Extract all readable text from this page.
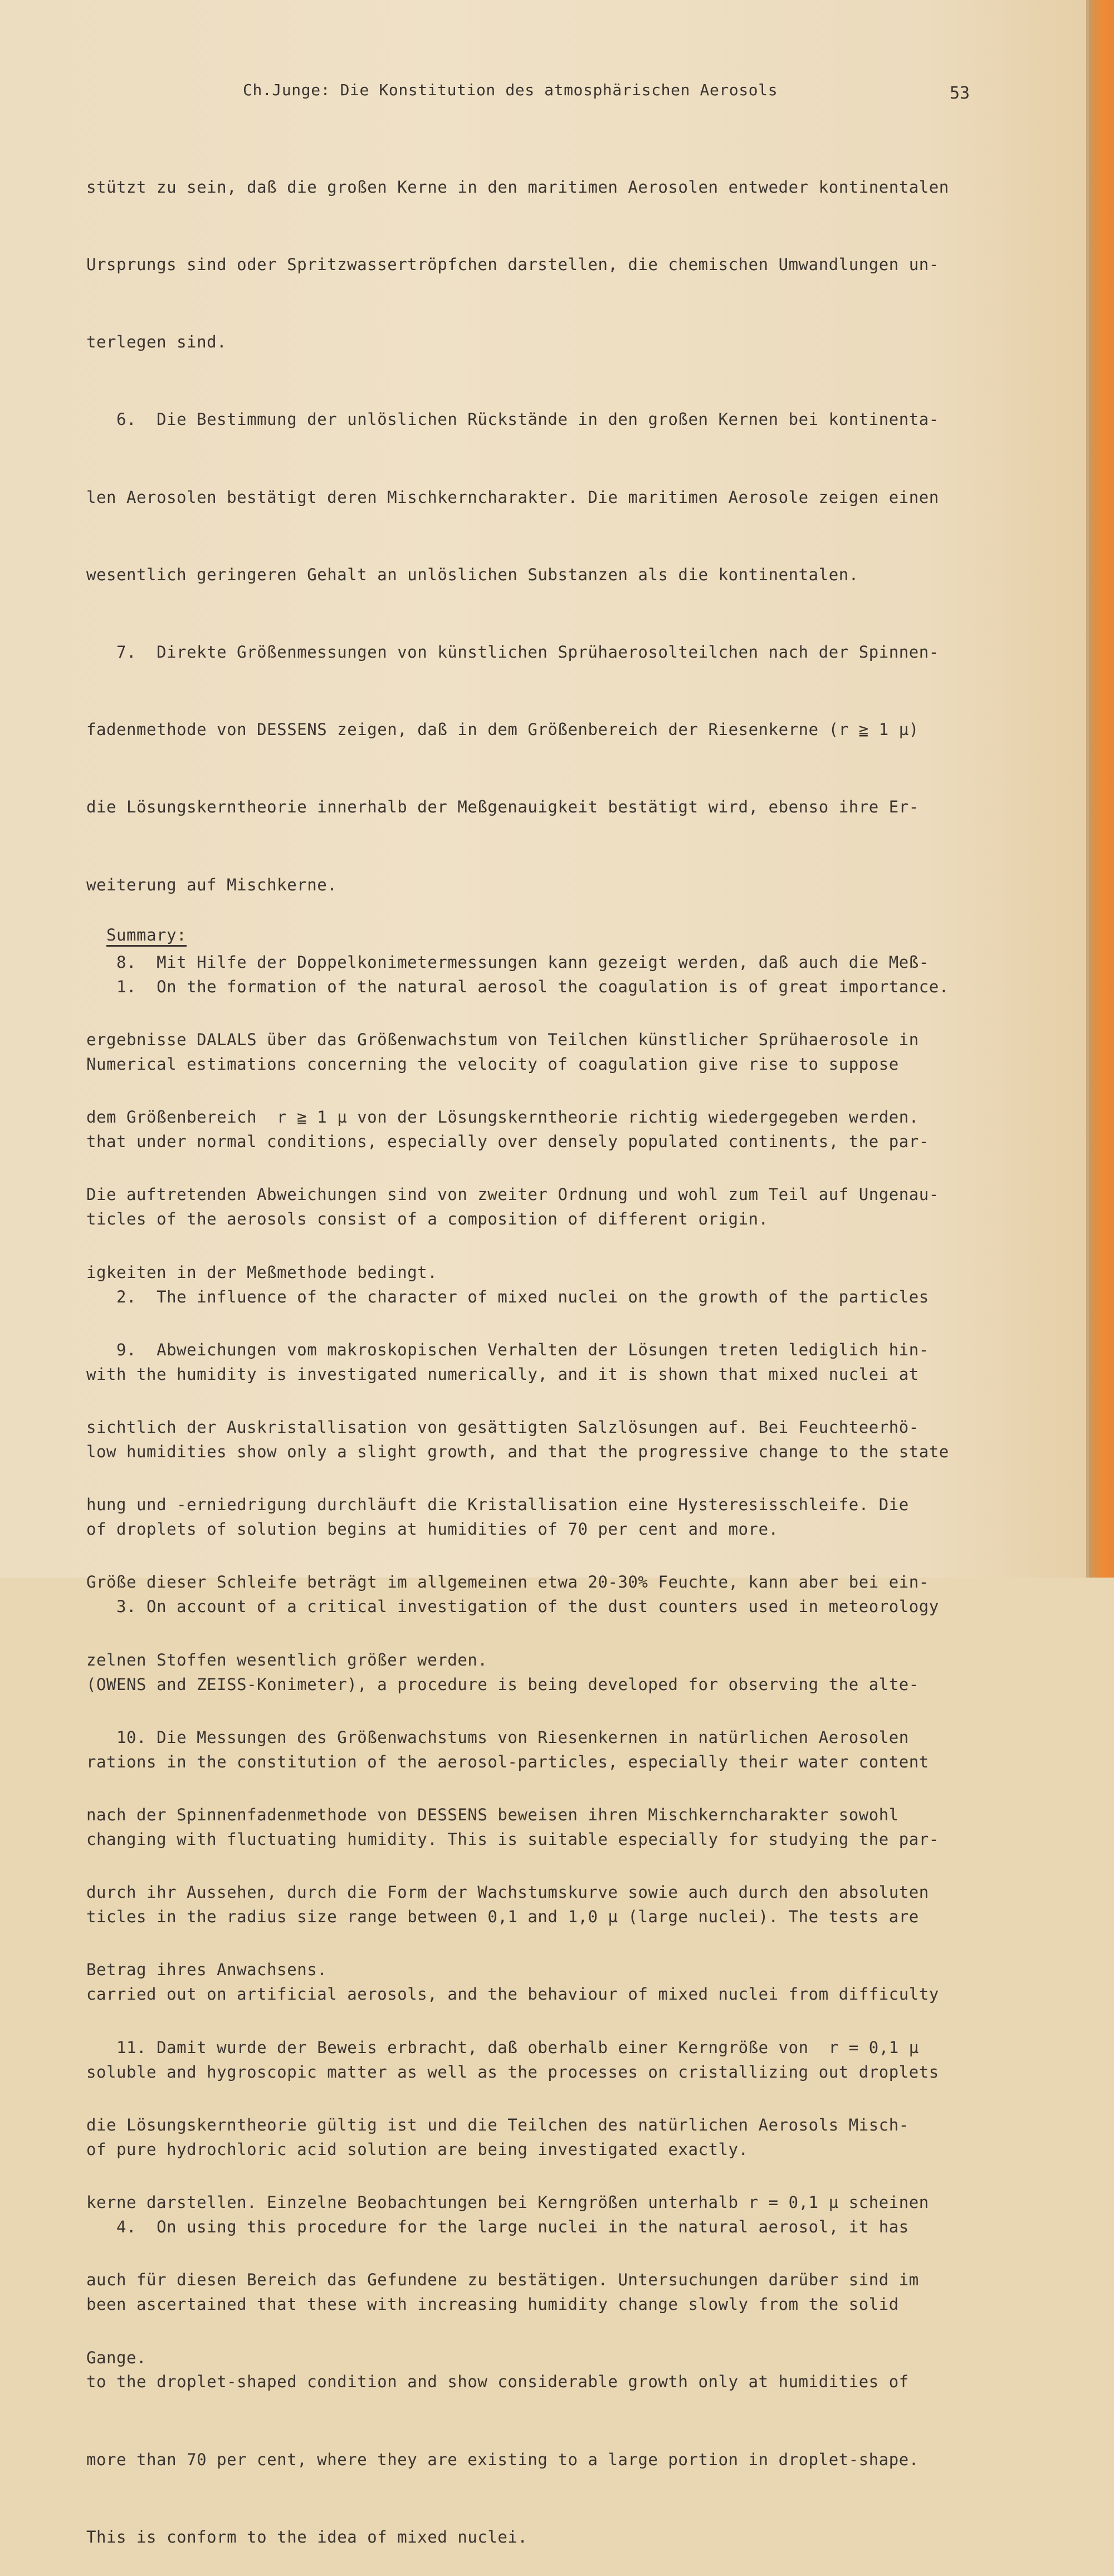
Ch.Junge: Die Konstitution des atmosphärischen Aerosols	53

stützt zu sein, daß die großen Kerne in den maritimen Aerosolen entweder kontinentalen

Ursprungs sind oder Spritzwassertröpfchen darstellen, die chemischen Umwandlungen un-

terlegen sind.

6.  Die Bestimmung der unlöslichen Rückstände in den großen Kernen bei kontinenta-

len Aerosolen bestätigt deren Mischkerncharakter. Die maritimen Aerosole zeigen einen

wesentlich geringeren Gehalt an unlöslichen Substanzen als die kontinentalen.

7.  Direkte Größenmessungen von künstlichen Sprühaerosolteilchen nach der Spinnen-

fadenmethode von DESSENS zeigen, daß in dem Größenbereich der Riesenkerne (r ≧ 1 µ)

die Lösungskerntheorie innerhalb der Meßgenauigkeit bestätigt wird, ebenso ihre Er-

weiterung auf Mischkerne.

8.  Mit Hilfe der Doppelkonimetermessungen kann gezeigt werden, daß auch die Meß-

ergebnisse DALALS über das Größenwachstum von Teilchen künstlicher Sprühaerosole in

dem Größenbereich  r ≧ 1 µ von der Lösungskerntheorie richtig wiedergegeben werden.

Die auftretenden Abweichungen sind von zweiter Ordnung und wohl zum Teil auf Ungenau-

igkeiten in der Meßmethode bedingt.

9.  Abweichungen vom makroskopischen Verhalten der Lösungen treten lediglich hin-

sichtlich der Auskristallisation von gesättigten Salzlösungen auf. Bei Feuchteerhö-

hung und -erniedrigung durchläuft die Kristallisation eine Hysteresisschleife. Die

Größe dieser Schleife beträgt im allgemeinen etwa 20-30% Feuchte, kann aber bei ein-

zelnen Stoffen wesentlich größer werden.

10. Die Messungen des Größenwachstums von Riesenkernen in natürlichen Aerosolen

nach der Spinnenfadenmethode von DESSENS beweisen ihren Mischkerncharakter sowohl

durch ihr Aussehen, durch die Form der Wachstumskurve sowie auch durch den absoluten

Betrag ihres Anwachsens.

11. Damit wurde der Beweis erbracht, daß oberhalb einer Kerngröße von  r = 0,1 µ

die Lösungskerntheorie gültig ist und die Teilchen des natürlichen Aerosols Misch-

kerne darstellen. Einzelne Beobachtungen bei Kerngrößen unterhalb r = 0,1 µ scheinen

auch für diesen Bereich das Gefundene zu bestätigen. Untersuchungen darüber sind im

Gange.

Summary:

1.  On the formation of the natural aerosol the coagulation is of great importance.

Numerical estimations concerning the velocity of coagulation give rise to suppose

that under normal conditions, especially over densely populated continents, the par-

ticles of the aerosols consist of a composition of different origin.

2.  The influence of the character of mixed nuclei on the growth of the particles

with the humidity is investigated numerically, and it is shown that mixed nuclei at

low humidities show only a slight growth, and that the progressive change to the state

of droplets of solution begins at humidities of 70 per cent and more.

3. On account of a critical investigation of the dust counters used in meteorology

(OWENS and ZEISS-Konimeter), a procedure is being developed for observing the alte-

rations in the constitution of the aerosol-particles, especially their water content

changing with fluctuating humidity. This is suitable especially for studying the par-

ticles in the radius size range between 0,1 and 1,0 µ (large nuclei). The tests are

carried out on artificial aerosols, and the behaviour of mixed nuclei from difficulty

soluble and hygroscopic matter as well as the processes on cristallizing out droplets

of pure hydrochloric acid solution are being investigated exactly.

4.  On using this procedure for the large nuclei in the natural aerosol, it has

been ascertained that these with increasing humidity change slowly from the solid

to the droplet-shaped condition and show considerable growth only at humidities of

more than 70 per cent, where they are existing to a large portion in droplet-shape.

This is conform to the idea of mixed nuclei.
